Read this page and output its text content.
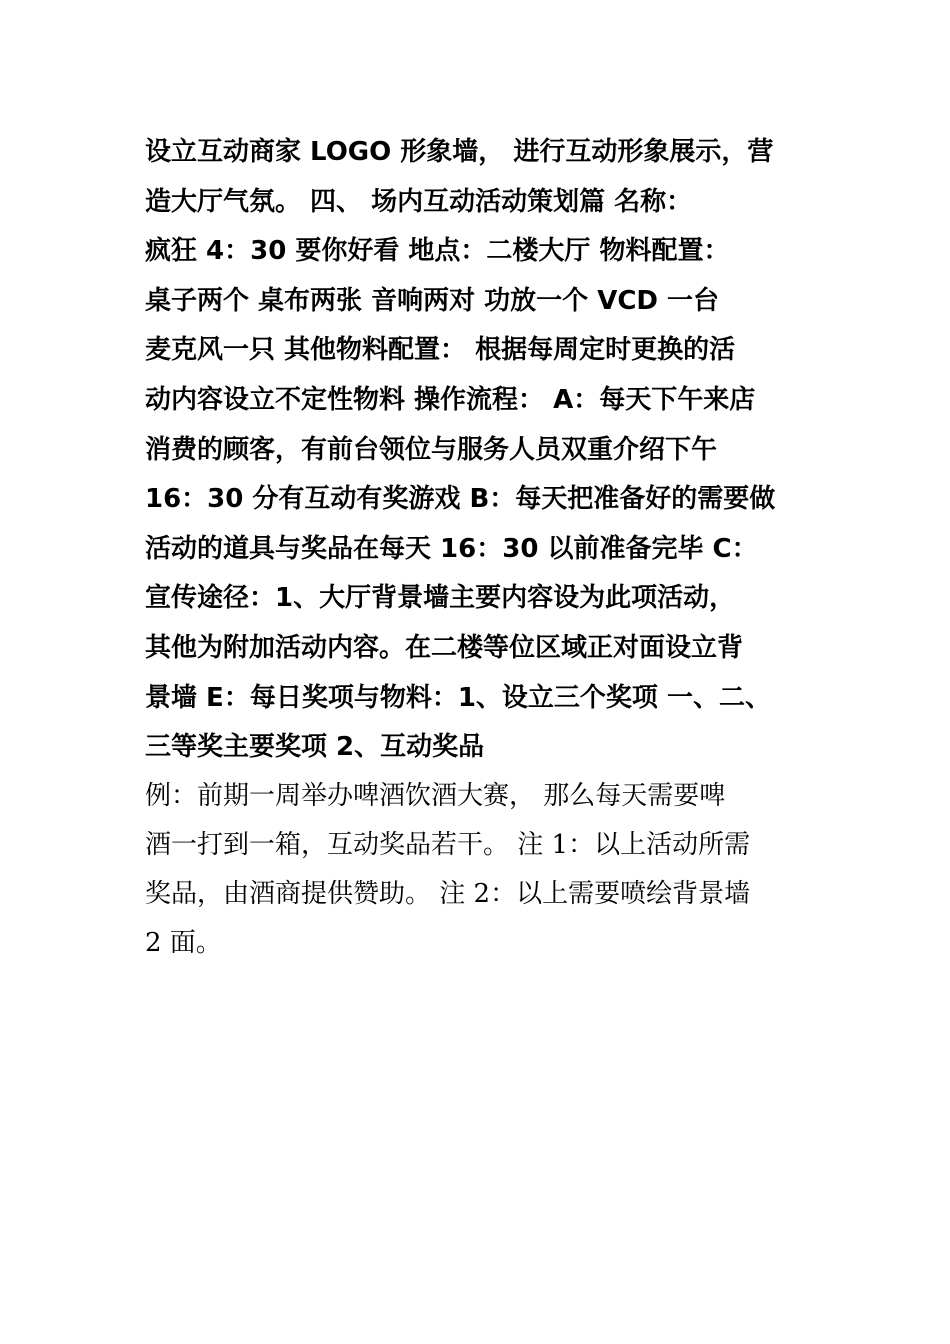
设立互动商家 LOGO 形象墙， 进行互动形象展示，营
造大厅气氛。 四、 场内互动活动策划篇 名称：
疯狂 4：30 要你好看 地点：二楼大厅 物料配置：
桌子两个 桌布两张 音响两对 功放一个 VCD 一台
麦克风一只 其他物料配置： 根据每周定时更换的活
动内容设立不定性物料 操作流程： A：每天下午来店
消费的顾客，有前台领位与服务人员双重介绍下午
16：30 分有互动有奖游戏 B：每天把准备好的需要做
活动的道具与奖品在每天 16：30 以前准备完毕 C：
宣传途径：1、大厅背景墙主要内容设为此项活动，
其他为附加活动内容。在二楼等位区域正对面设立背
景墙 E：每日奖项与物料：1、设立三个奖项 一、二、
三等奖主要奖项 2、互动奖品
例：前期一周举办啤酒饮酒大赛， 那么每天需要啤
酒一打到一箱，互动奖品若干。 注 1：以上活动所需
奖品，由酒商提供赞助。 注 2：以上需要喷绘背景墙
2 面。
